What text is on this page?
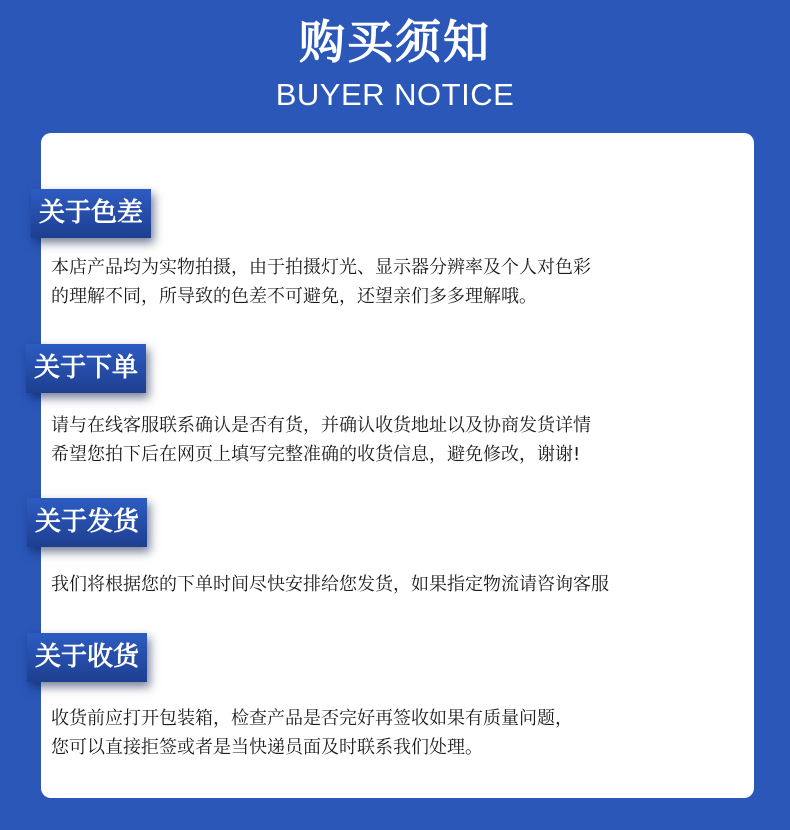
购买须知
BUYER NOTICE
关于色差
本店产品均为实物拍摄，由于拍摄灯光、显示器分辨率及个人对色彩
的理解不同，所导致的色差不可避免，还望亲们多多理解哦。
关于下单
请与在线客服联系确认是否有货，并确认收货地址以及协商发货详情
希望您拍下后在网页上填写完整准确的收货信息，避免修改，谢谢!
关于发货
我们将根据您的下单时间尽快安排给您发货，如果指定物流请咨询客服
关于收货
收货前应打开包装箱，检查产品是否完好再签收如果有质量问题，
您可以直接拒签或者是当快递员面及时联系我们处理。
